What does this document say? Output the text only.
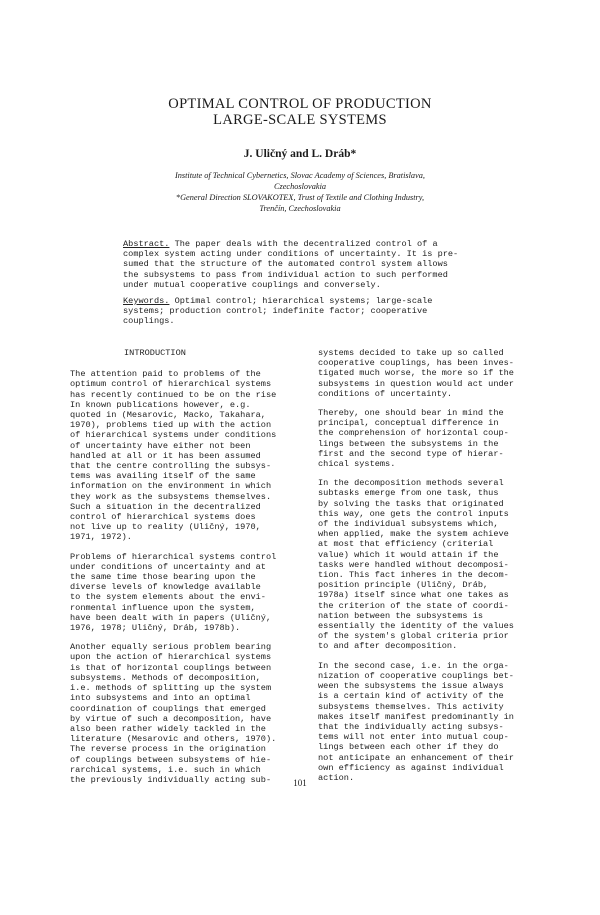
OPTIMAL CONTROL OF PRODUCTION
LARGE-SCALE SYSTEMS
J. Uličný and L. Dráb*
Institute of Technical Cybernetics, Slovac Academy of Sciences, Bratislava,
Czechoslovakia
*General Direction SLOVAKOTEX, Trust of Textile and Clothing Industry,
Trenčín, Czechoslovakia
Abstract. The paper deals with the decentralized control of a
complex system acting under conditions of uncertainty. It is pre-
sumed that the structure of the automated control system allows
the subsystems to pass from individual action to such performed
under mutual cooperative couplings and conversely.
Keywords. Optimal control; hierarchical systems; large-scale
systems; production control; indefinite factor; cooperative
couplings.
INTRODUCTION
The attention paid to problems of the
optimum control of hierarchical systems
has recently continued to be on the rise
In known publications however, e.g.
quoted in (Mesarovic, Macko, Takahara,
1970), problems tied up with the action
of hierarchical systems under conditions
of uncertainty have either not been
handled at all or it has been assumed
that the centre controlling the subsys-
tems was availing itself of the same
information on the environment in which
they work as the subsystems themselves.
Such a situation in the decentralized
control of hierarchical systems does
not live up to reality (Uličný, 1970,
1971, 1972).
Problems of hierarchical systems control
under conditions of uncertainty and at
the same time those bearing upon the
diverse levels of knowledge available
to the system elements about the envi-
ronmental influence upon the system,
have been dealt with in papers (Uličný,
1976, 1978; Uličný, Dráb, 1978b).
Another equally serious problem bearing
upon the action of hierarchical systems
is that of horizontal couplings between
subsystems. Methods of decomposition,
i.e. methods of splitting up the system
into subsystems and into an optimal
coordination of couplings that emerged
by virtue of such a decomposition, have
also been rather widely tackled in the
literature (Mesarovic and others, 1970).
The reverse process in the origination
of couplings between subsystems of hie-
rarchical systems, i.e. such in which
the previously individually acting sub-
systems decided to take up so called
cooperative couplings, has been inves-
tigated much worse, the more so if the
subsystems in question would act under
conditions of uncertainty.
Thereby, one should bear in mind the
principal, conceptual difference in
the comprehension of horizontal coup-
lings between the subsystems in the
first and the second type of hierar-
chical systems.
In the decomposition methods several
subtasks emerge from one task, thus
by solving the tasks that originated
this way, one gets the control inputs
of the individual subsystems which,
when applied, make the system achieve
at most that efficiency (criterial
value) which it would attain if the
tasks were handled without decomposi-
tion. This fact inheres in the decom-
position principle (Uličný, Dráb,
1978a) itself since what one takes as
the criterion of the state of coordi-
nation between the subsystems is
essentially the identity of the values
of the system's global criteria prior
to and after decomposition.
In the second case, i.e. in the orga-
nization of cooperative couplings bet-
ween the subsystems the issue always
is a certain kind of activity of the
subsystems themselves. This activity
makes itself manifest predominantly in
that the individually acting subsys-
tems will not enter into mutual coup-
lings between each other if they do
not anticipate an enhancement of their
own efficiency as against individual
action.
101
